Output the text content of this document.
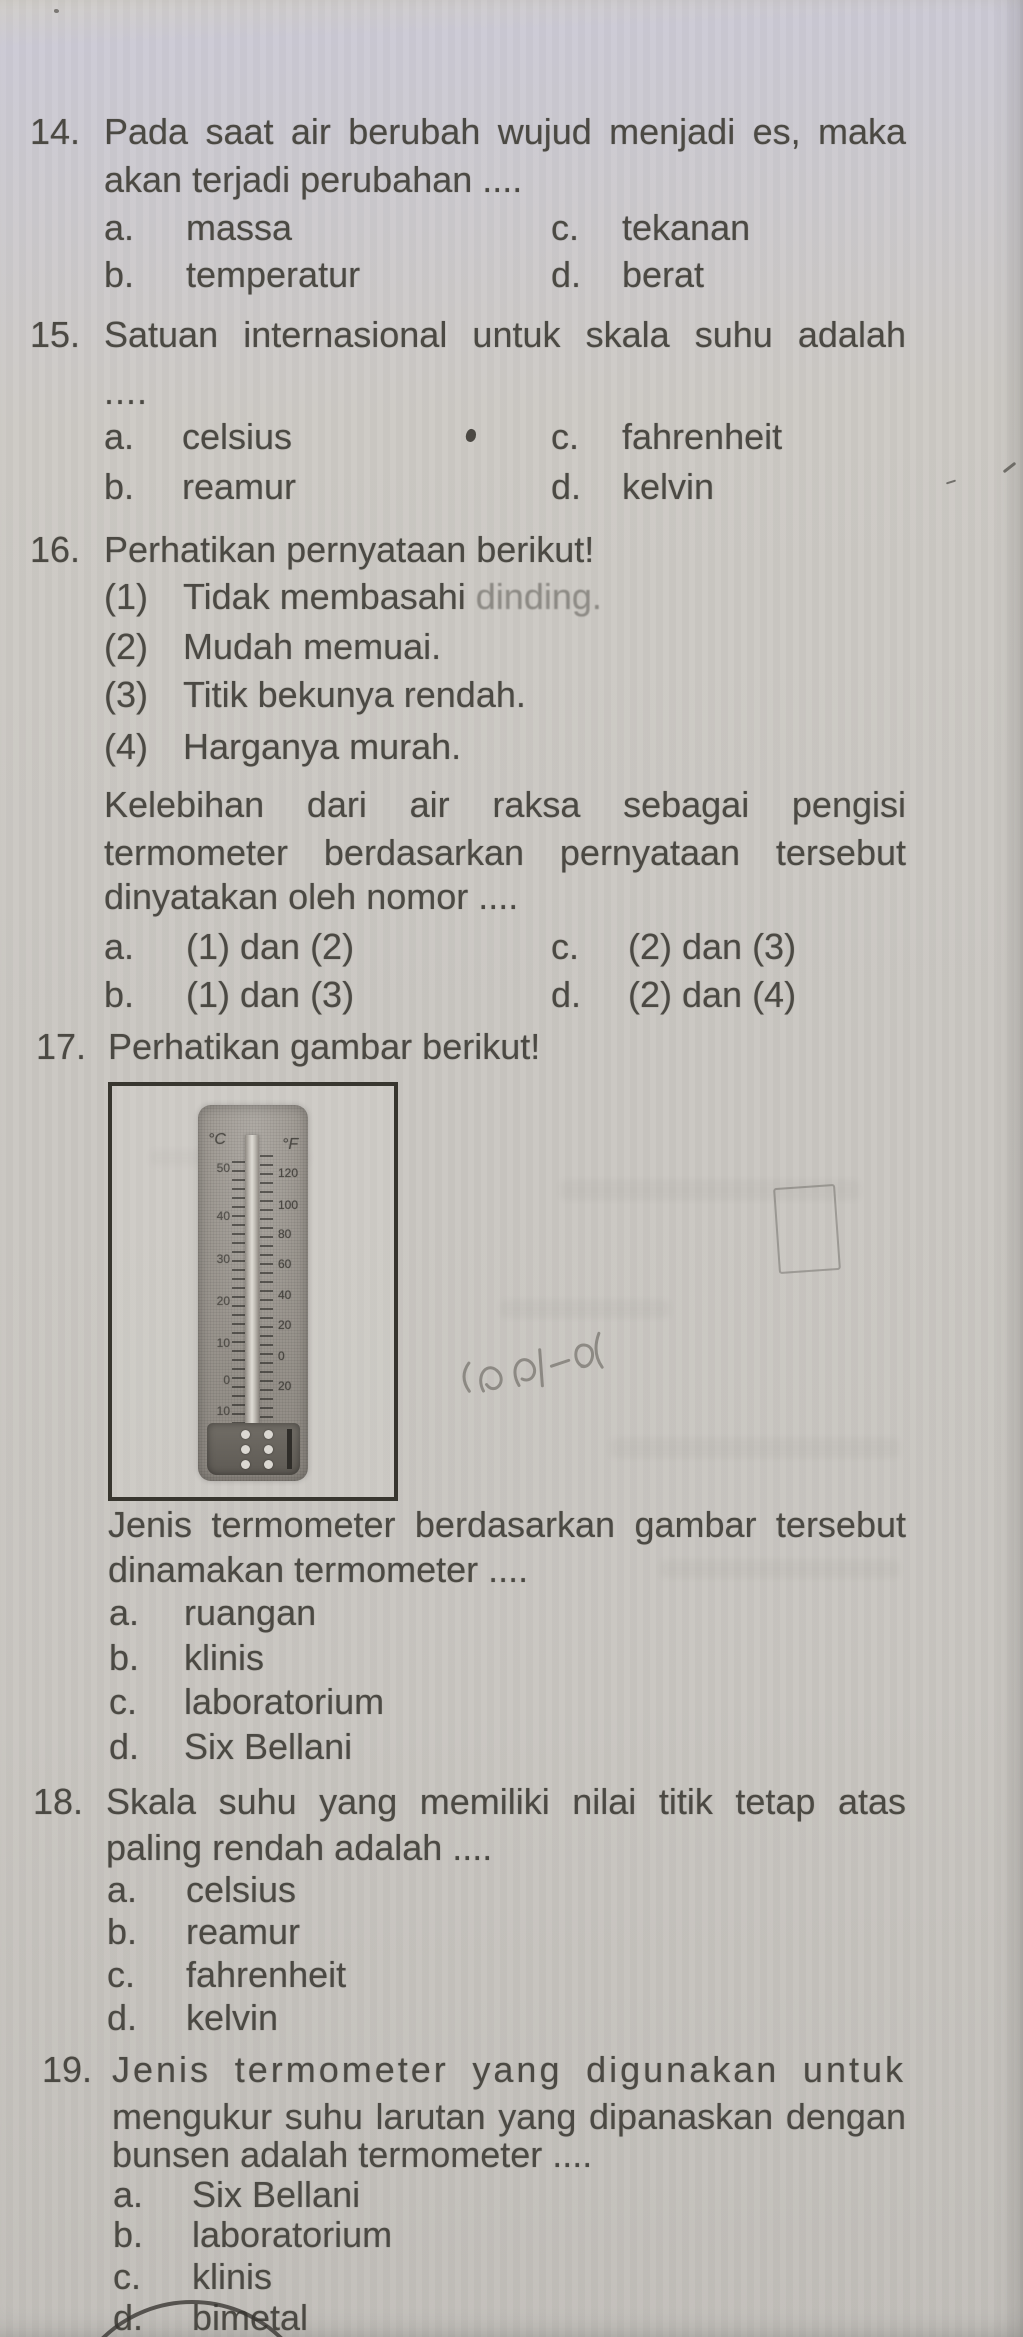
14. Pada saat air berubah wujud menjadi es, maka
akan terjadi perubahan ....
a. massa	c. tekanan
b. temperatur	d. berat
15. Satuan internasional untuk skala suhu adalah
....
a. celsius	c. fahrenheit
b. reamur	d. kelvin
16. Perhatikan pernyataan berikut!
(1) Tidak membasahi dinding.
(2) Mudah memuai.
(3) Titik bekunya rendah.
(4) Harganya murah.
Kelebihan dari air raksa sebagai pengisi
termometer berdasarkan pernyataan tersebut
dinyatakan oleh nomor ....
a. (1) dan (2)	c. (2) dan (3)
b. (1) dan (3)	d. (2) dan (4)
17. Perhatikan gambar berikut!
°C	°F
50
40
30
20
10
0
10
120
100
80
60
40
20
0
20
Jenis termometer berdasarkan gambar tersebut
dinamakan termometer ....
a. ruangan
b. klinis
c. laboratorium
d. Six Bellani
18. Skala suhu yang memiliki nilai titik tetap atas
paling rendah adalah ....
a. celsius
b. reamur
c. fahrenheit
d. kelvin
19. Jenis termometer yang digunakan untuk
mengukur suhu larutan yang dipanaskan dengan
bunsen adalah termometer ....
a. Six Bellani
b. laboratorium
c. klinis
d. bimetal
